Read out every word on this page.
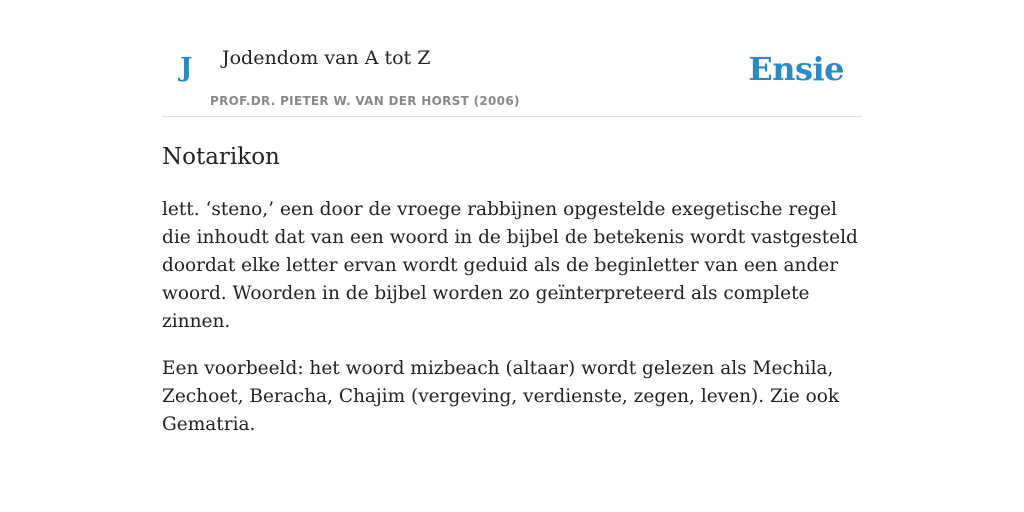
J Jodendom van A tot Z
PROF.DR. PIETER W. VAN DER HORST (2006)
Ensie
Notarikon

lett. ‘steno,’ een door de vroege rabbijnen opgestelde exegetische regel die inhoudt dat van een woord in de bijbel de betekenis wordt vastgesteld doordat elke letter ervan wordt geduid als de beginletter van een ander woord. Woorden in de bijbel worden zo geïnterpreteerd als complete zinnen.

Een voorbeeld: het woord mizbeach (altaar) wordt gelezen als Mechila, Zechoet, Beracha, Chajim (vergeving, verdienste, zegen, leven). Zie ook Gematria.
